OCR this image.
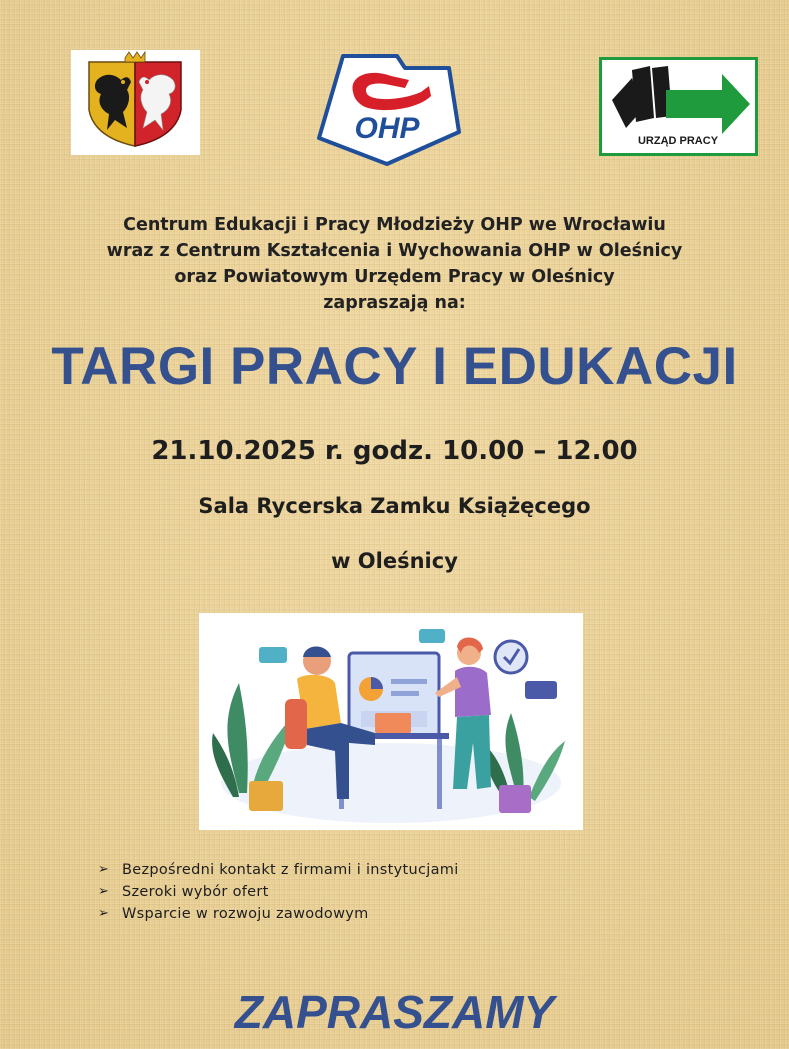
OHP	URZĄD PRACY
Centrum Edukacji i Pracy Młodzieży OHP we Wrocławiu
wraz z Centrum Kształcenia i Wychowania OHP w Oleśnicy
oraz Powiatowym Urzędem Pracy w Oleśnicy
zapraszają na:
TARGI PRACY I EDUKACJI
21.10.2025 r. godz. 10.00 – 12.00
Sala Rycerska Zamku Książęcego
w Oleśnicy
➢ Bezpośredni kontakt z firmami i instytucjami
➢ Szeroki wybór ofert
➢ Wsparcie w rozwoju zawodowym
ZAPRASZAMY
